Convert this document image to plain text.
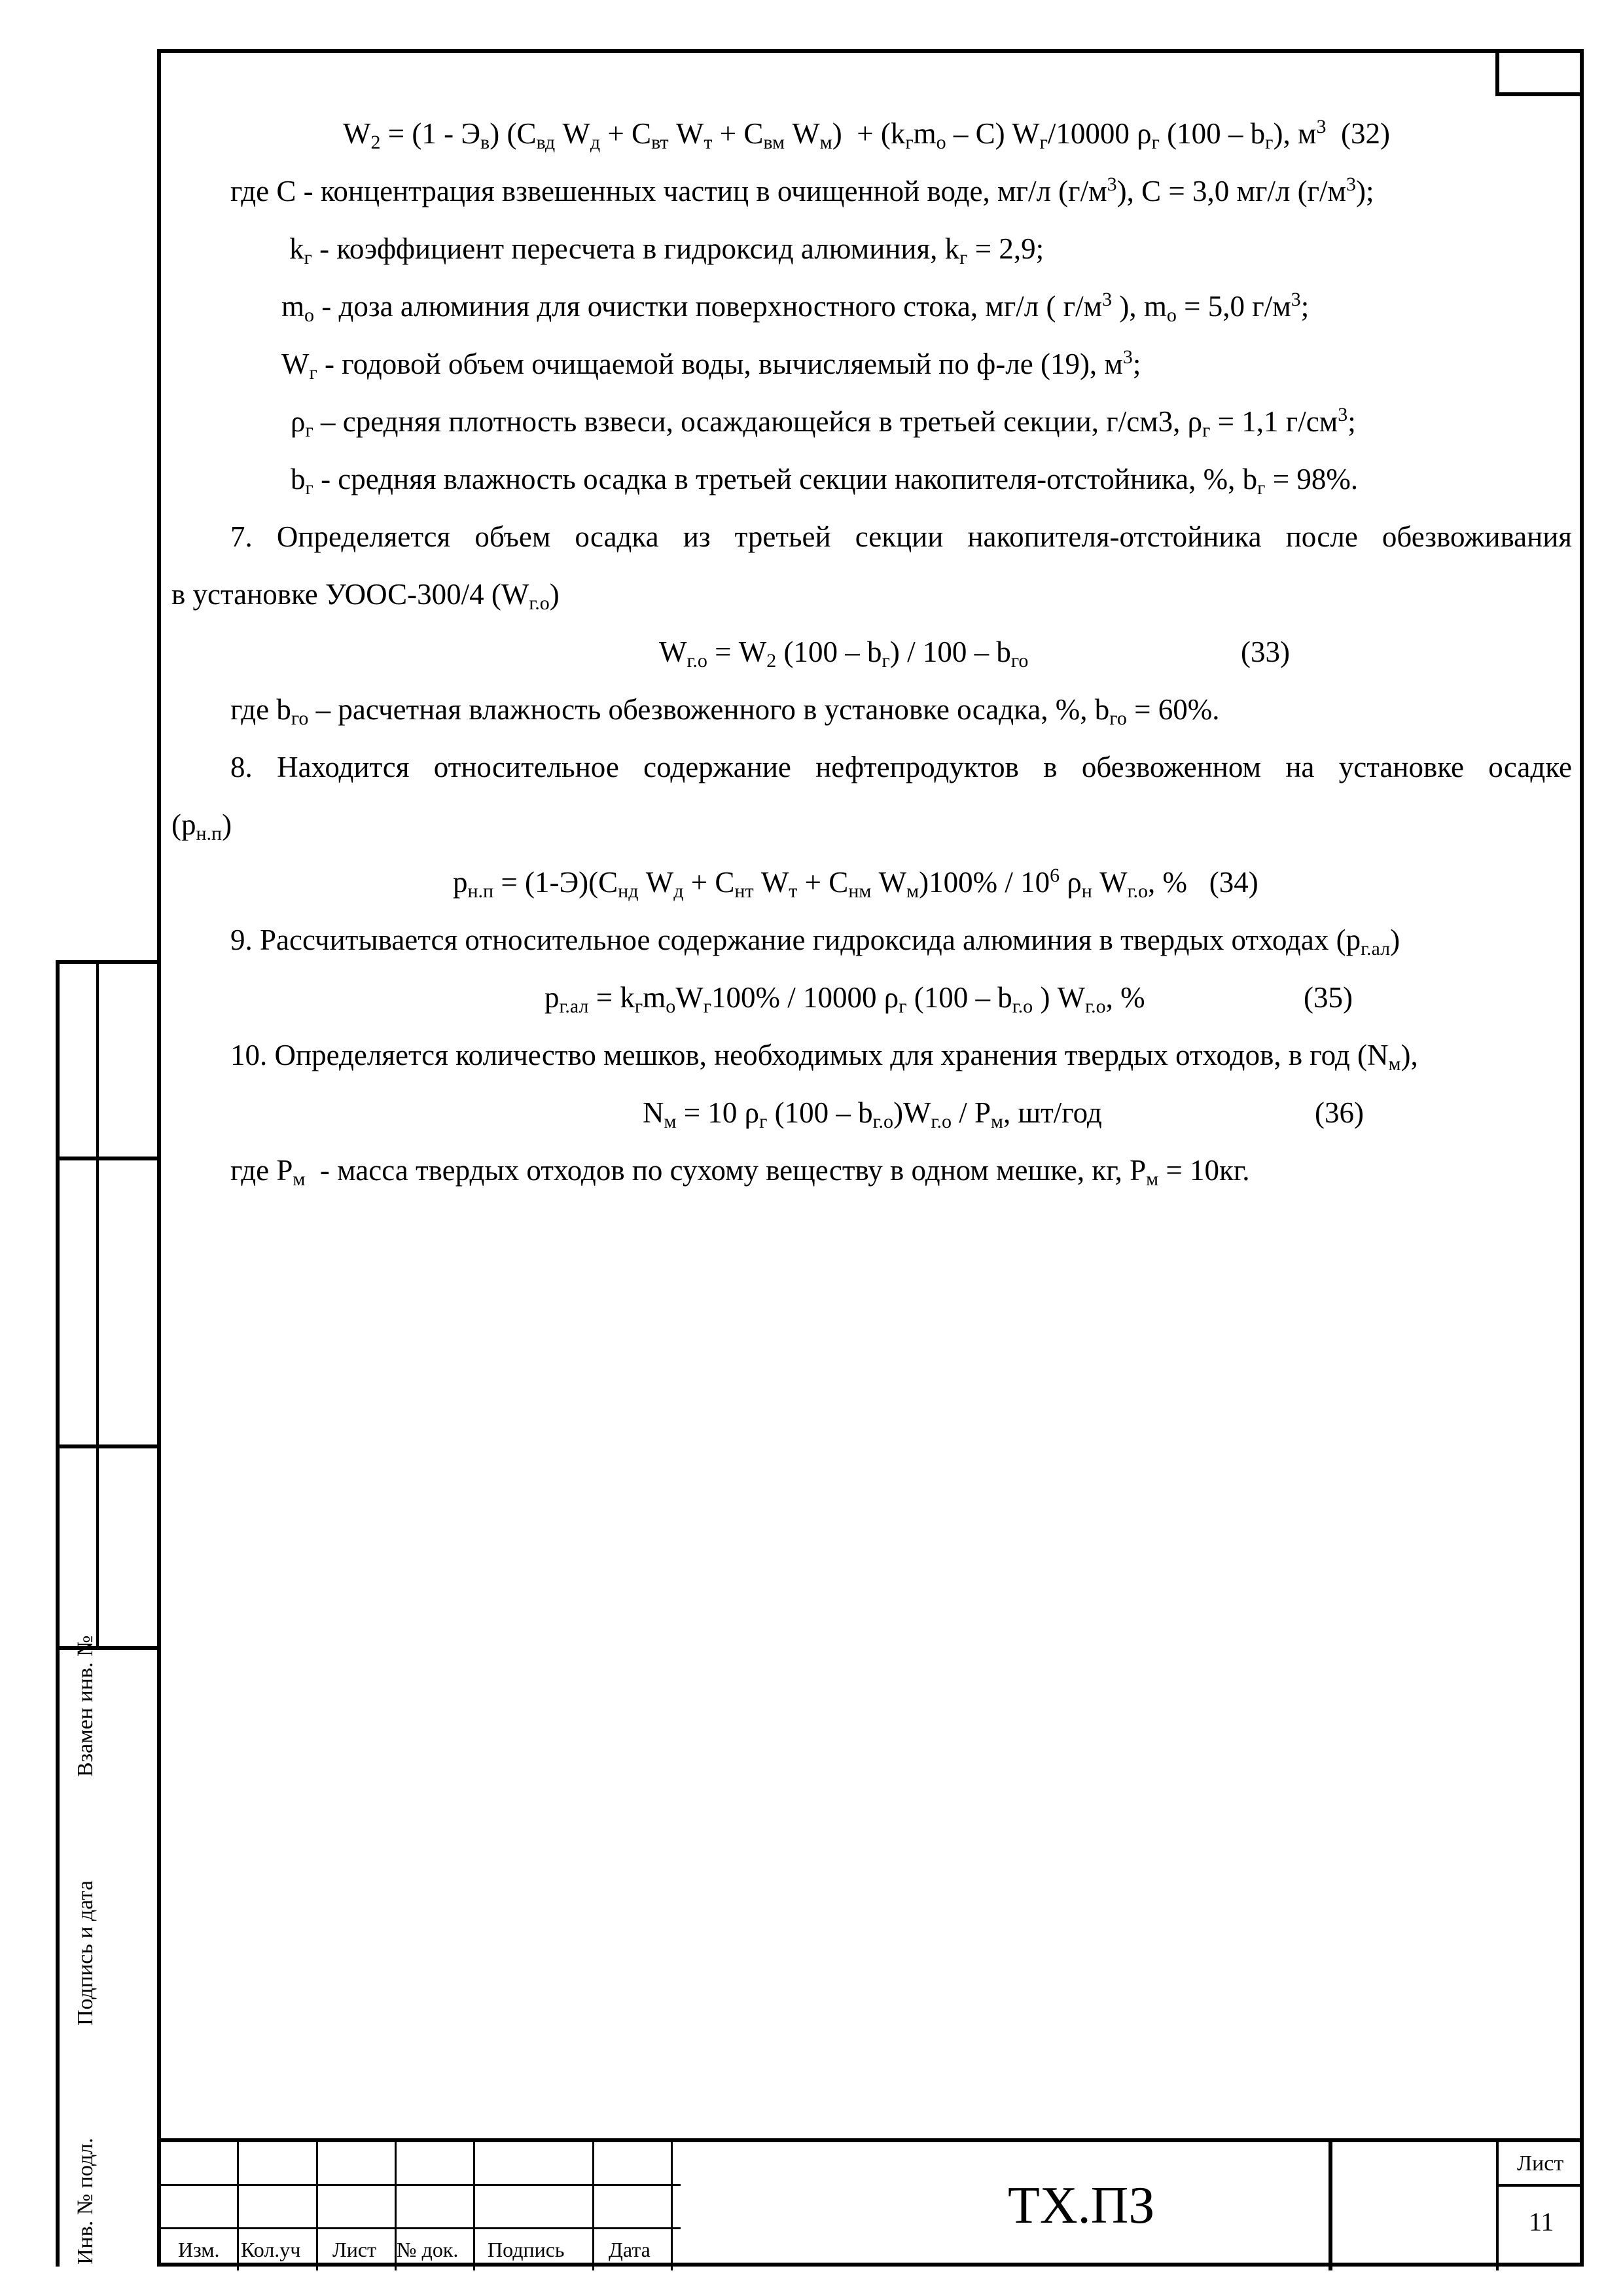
$W_2 = (1 - Э_в)$ ($С_{вд}$ $W_д + С_{вт}$ $W_т + С_{вм}$ $W_м) + (k_гm_о - С)$ $W_г/10000$ $\rho_г$ $(100 - b_г)$, $м^3$  (32)
где С - концентрация взвешенных частиц в очищенной воде, мг/л $(г/м^3)$, С = 3,0 мг/л $(г/м^3)$;
$k_г$ - коэффициент пересчета в гидроксид алюминия, $k_г = 2,9$;
$m_о$ - доза алюминия для очистки поверхностного стока, мг/л ( $г/м^3$ ), $m_о = 5,0$ $г/м^3$;
$W_г$ - годовой объем очищаемой воды, вычисляемый по ф-ле (19), $м^3$;
$\rho_г$ – средняя плотность взвеси, осаждающейся в третьей секции, г/см3, $\rho_г = 1,1$ $г/см^3$;
$b_г$ - средняя влажность осадка в третьей секции накопителя-отстойника, %, $b_г = 98\%$.
7. Определяется объем осадка из третьей секции накопителя-отстойника после обезвоживания
в установке УООС-300/4 $(W_{г.о})$
$W_{г.о} = W_2$ $(100 - b_г) / 100 - b_{го}$	(33)
где $b_{го}$ – расчетная влажность обезвоженного в установке осадка, %, $b_{го} = 60\%$.
8. Находится относительное содержание нефтепродуктов в обезвоженном на установке осадке
$(p_{н.п})$
$p_{н.п} = (1-Э)(С_{нд}$ $W_д + С_{нт}$ $W_т + С_{нм}$ $W_м)100\% / 10^6$ $\rho_н$ $W_{г.о}$, %   (34)
9. Рассчитывается относительное содержание гидроксида алюминия в твердых отходах $(p_{г.ал})$
$p_{г.ал} = k_гm_оW_г100\% / 10000$ $\rho_г$ ($100 - b_{г.о}$ ) $W_{г.о}$, %	(35)
10. Определяется количество мешков, необходимых для хранения твердых отходов, в год $(N_м)$,
$N_м = 10$ $\rho_г$ $(100 - b_{г.о})W_{г.о} / P_м$, шт/год	(36)
где $P_м$  - масса твердых отходов по сухому веществу в одном мешке, кг, $P_м = 10кг$.
Взамен инв. №
Подпись и дата
Инв. № подл.	Изм. Кол.уч Лист № док. Подпись Дата
ТХ.ПЗ
Лист
11
